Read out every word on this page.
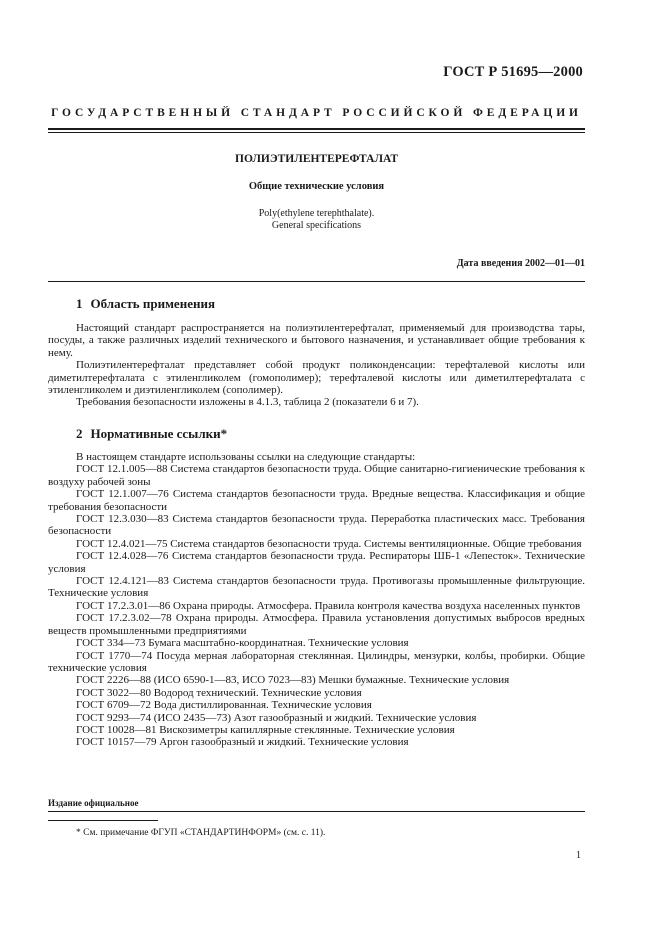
ГОСТ Р 51695—2000
ГОСУДАРСТВЕННЫЙ СТАНДАРТ РОССИЙСКОЙ ФЕДЕРАЦИИ
ПОЛИЭТИЛЕНТЕРЕФТАЛАТ
Общие технические условия
Poly(ethylene terephthalate).
General specifications
Дата введения 2002—01—01
1 Область применения

Настоящий стандарт распространяется на полиэтилентерефталат, применяемый для производства тары, посуды, а также различных изделий технического и бытового назначения, и устанавливает общие требования к нему.

Полиэтилентерефталат представляет собой продукт поликонденсации: терефталевой кислоты или диметилтерефталата с этиленгликолем (гомополимер); терефталевой кислоты или диметилтерефталата с этиленгликолем и диэтиленгликолем (сополимер).

Требования безопасности изложены в 4.1.3, таблица 2 (показатели 6 и 7).

2 Нормативные ссылки*

В настоящем стандарте использованы ссылки на следующие стандарты:

ГОСТ 12.1.005—88 Система стандартов безопасности труда. Общие санитарно-гигиенические требования к воздуху рабочей зоны

ГОСТ 12.1.007—76 Система стандартов безопасности труда. Вредные вещества. Классификация и общие требования безопасности

ГОСТ 12.3.030—83 Система стандартов безопасности труда. Переработка пластических масс. Требования безопасности

ГОСТ 12.4.021—75 Система стандартов безопасности труда. Системы вентиляционные. Общие требования

ГОСТ 12.4.028—76 Система стандартов безопасности труда. Респираторы ШБ-1 «Лепесток». Технические условия

ГОСТ 12.4.121—83 Система стандартов безопасности труда. Противогазы промышленные фильтрующие. Технические условия

ГОСТ 17.2.3.01—86 Охрана природы. Атмосфера. Правила контроля качества воздуха населенных пунктов

ГОСТ 17.2.3.02—78 Охрана природы. Атмосфера. Правила установления допустимых выбросов вредных веществ промышленными предприятиями

ГОСТ 334—73 Бумага масштабно-координатная. Технические условия

ГОСТ 1770—74 Посуда мерная лабораторная стеклянная. Цилиндры, мензурки, колбы, пробирки. Общие технические условия

ГОСТ 2226—88 (ИСО 6590-1—83, ИСО 7023—83) Мешки бумажные. Технические условия

ГОСТ 3022—80 Водород технический. Технические условия

ГОСТ 6709—72 Вода дистиллированная. Технические условия

ГОСТ 9293—74 (ИСО 2435—73) Азот газообразный и жидкий. Технические условия

ГОСТ 10028—81 Вискозиметры капиллярные стеклянные. Технические условия

ГОСТ 10157—79 Аргон газообразный и жидкий. Технические условия

Издание официальное
* См. примечание ФГУП «СТАНДАРТИНФОРМ» (см. с. 11).
1
